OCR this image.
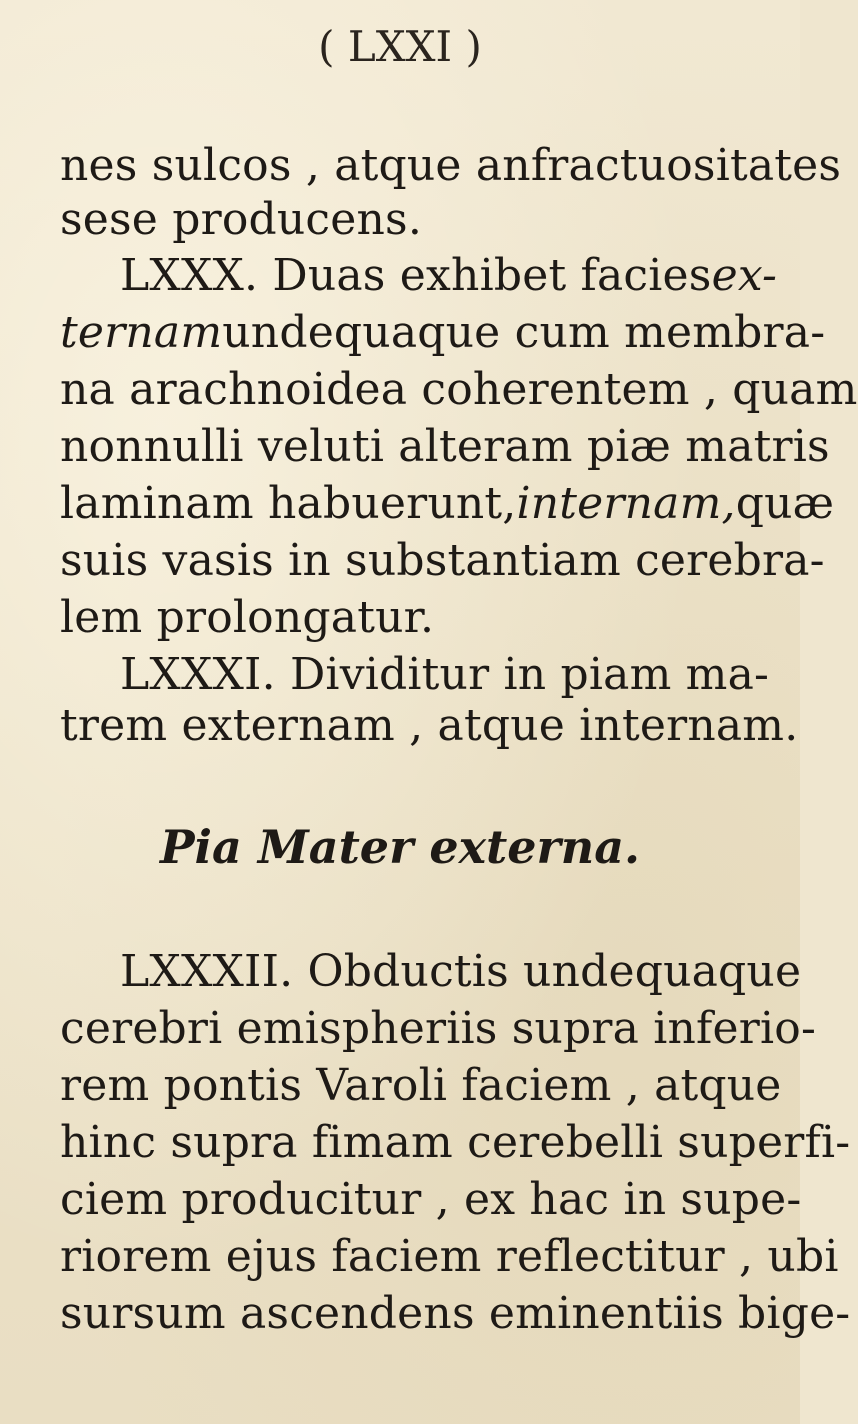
( LXXI )
nes sulcos , atque anfractuositates
sese producens.
LXXX. Duas exhibet facies ex-
ternam undequaque cum membra-
na arachnoidea coherentem , quam
nonnulli veluti alteram piæ matris
laminam habuerunt, internam, quæ
suis vasis in substantiam cerebra-
lem prolongatur.
LXXXI. Dividitur in piam ma-
trem externam , atque internam.
Pia Mater externa.
LXXXII. Obductis undequaque
cerebri emispheriis supra inferio-
rem pontis Varoli faciem , atque
hinc supra fimam cerebelli superfi-
ciem producitur , ex hac in supe-
riorem ejus faciem reflectitur , ubi
sursum ascendens eminentiis bige-
